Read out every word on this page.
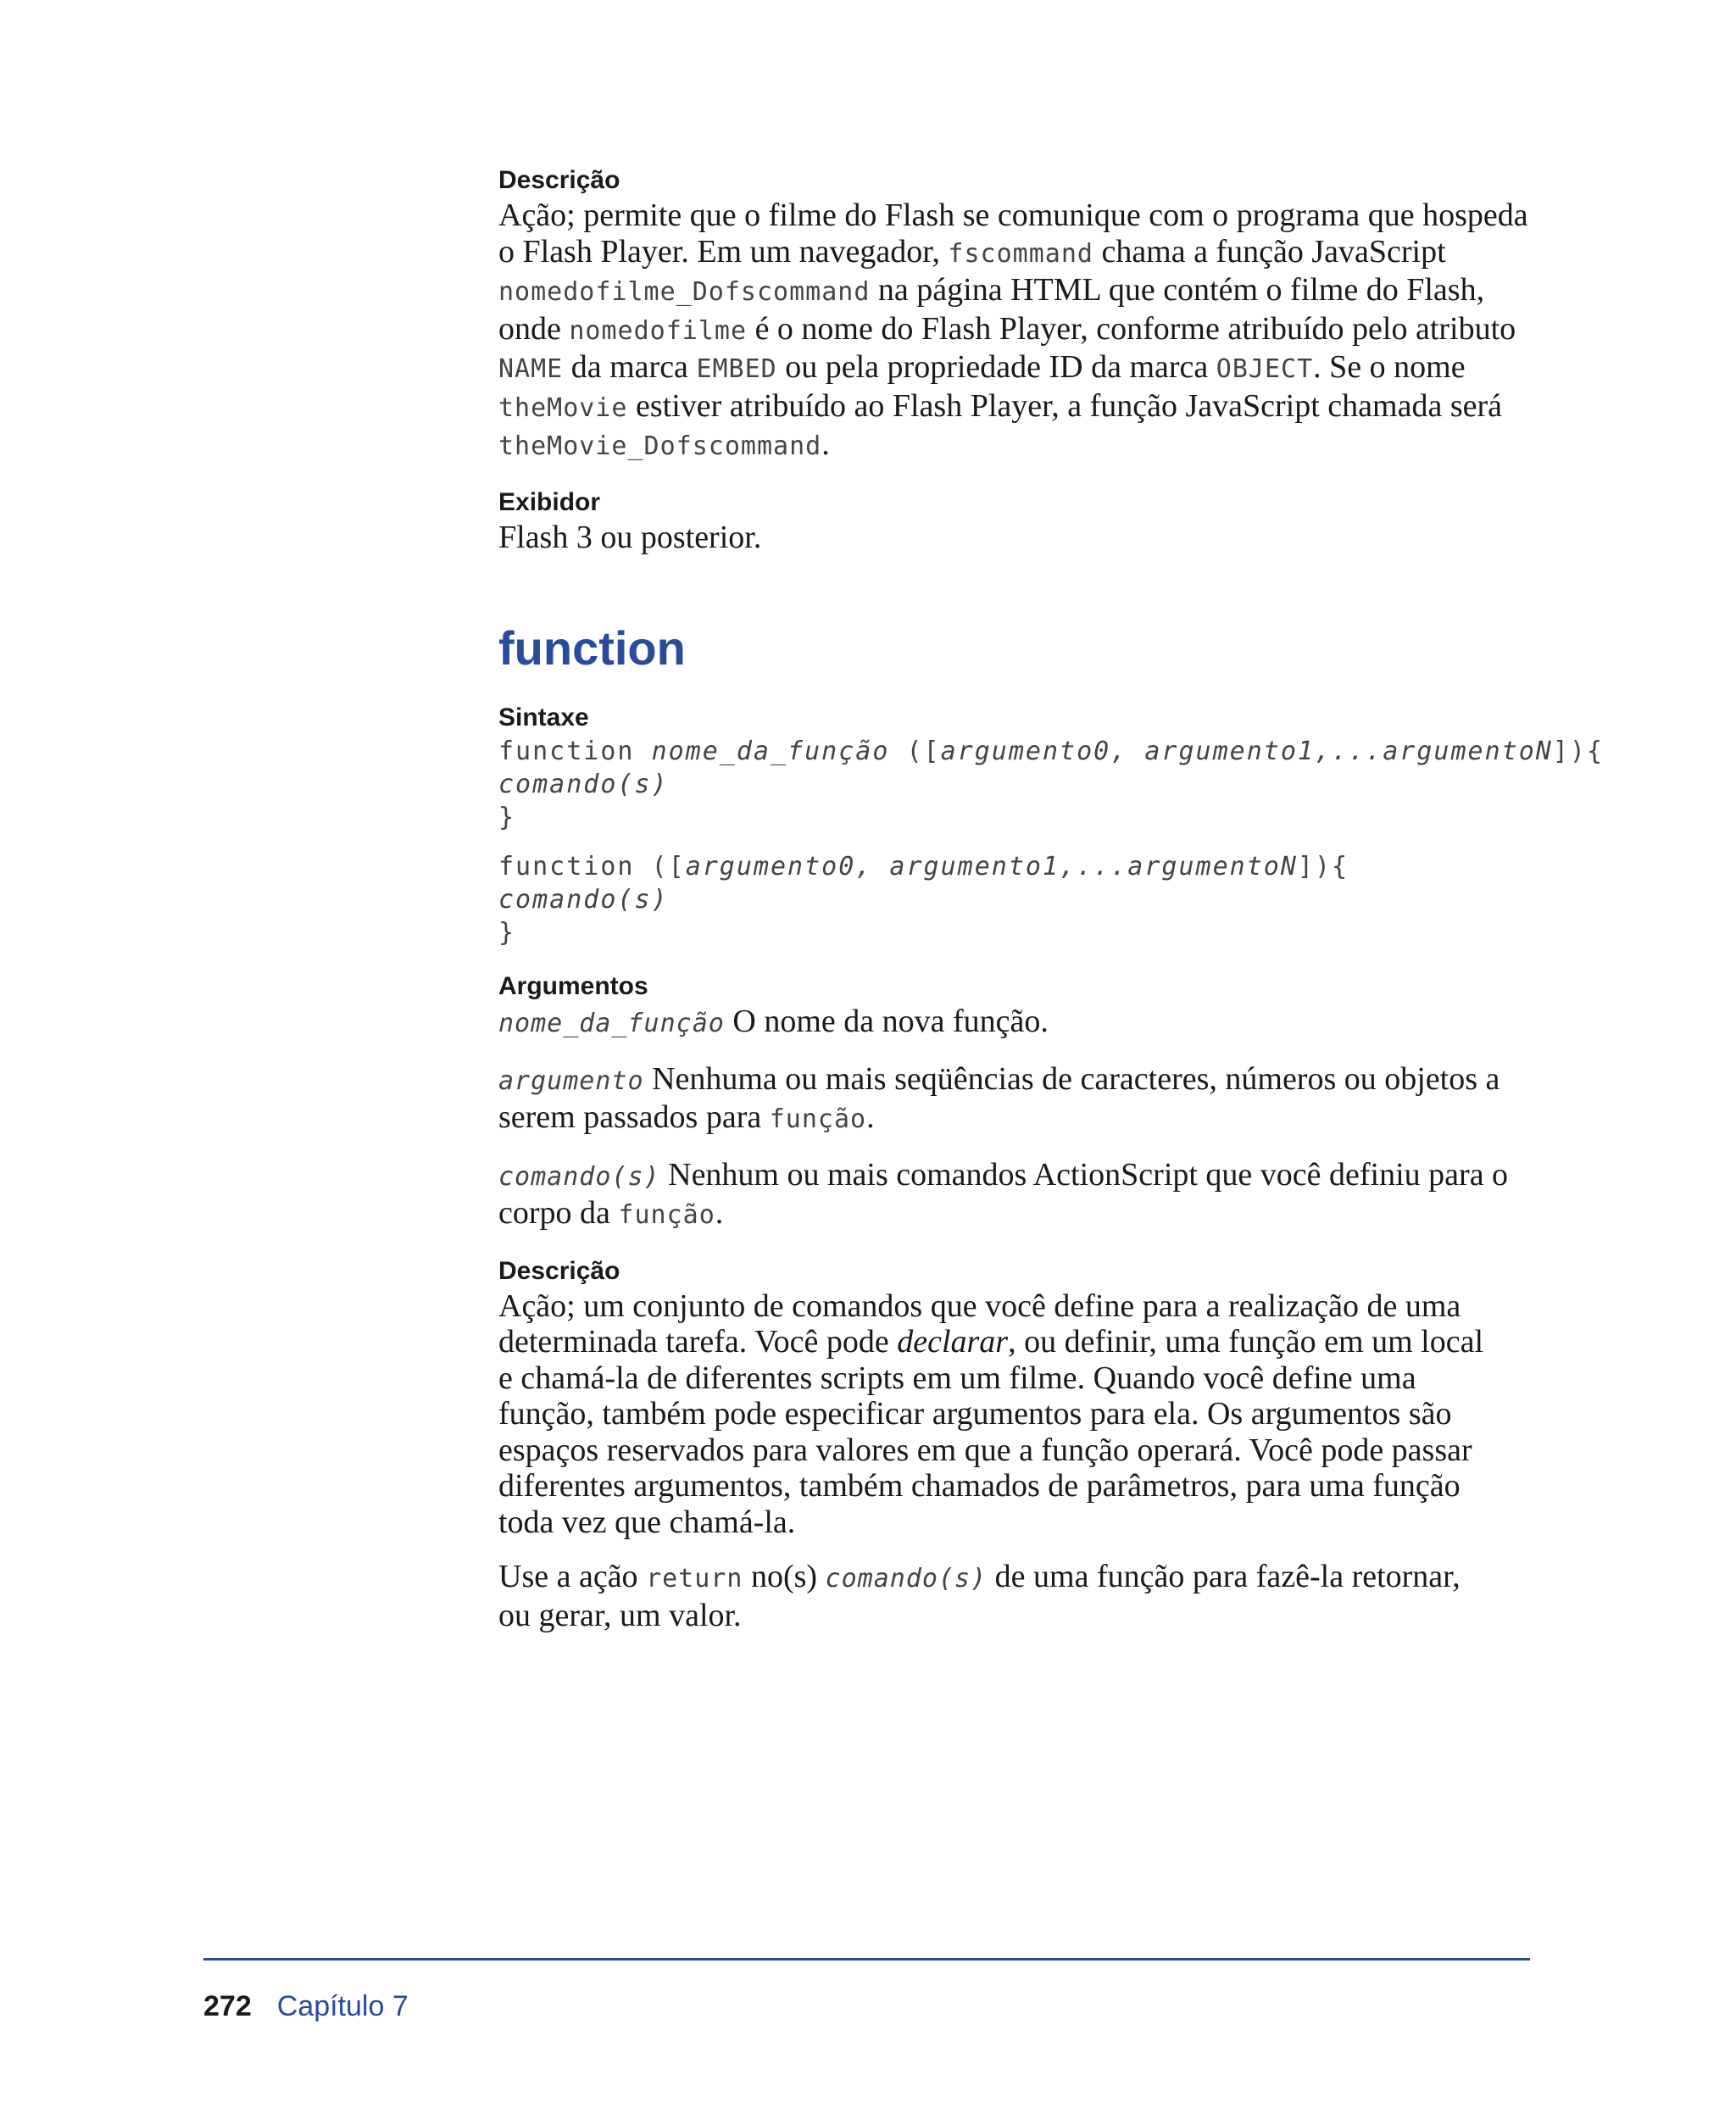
Descrição

Ação; permite que o filme do Flash se comunique com o programa que hospeda o Flash Player. Em um navegador, fscommand chama a função JavaScript nomedofilme_Dofscommand na página HTML que contém o filme do Flash, onde nomedofilme é o nome do Flash Player, conforme atribuído pelo atributo NAME da marca EMBED ou pela propriedade ID da marca OBJECT. Se o nome theMovie estiver atribuído ao Flash Player, a função JavaScript chamada será
theMovie_Dofscommand.

Exibidor

Flash 3 ou posterior.

function

Sintaxe

function nome_da_função ([argumento0, argumento1,...argumentoN]){
comando(s)
}
function ([argumento0, argumento1,...argumentoN]){
comando(s)
}

Argumentos

nome_da_função O nome da nova função.

argumento Nenhuma ou mais seqüências de caracteres, números ou objetos a serem passados para função.

comando(s) Nenhum ou mais comandos ActionScript que você definiu para o corpo da função.

Descrição

Ação; um conjunto de comandos que você define para a realização de uma determinada tarefa. Você pode declarar, ou definir, uma função em um local e chamá-la de diferentes scripts em um filme. Quando você define uma função, também pode especificar argumentos para ela. Os argumentos são espaços reservados para valores em que a função operará. Você pode passar diferentes argumentos, também chamados de parâmetros, para uma função toda vez que chamá-la.

Use a ação return no(s) comando(s) de uma função para fazê-la retornar, ou gerar, um valor.

272 Capítulo 7
